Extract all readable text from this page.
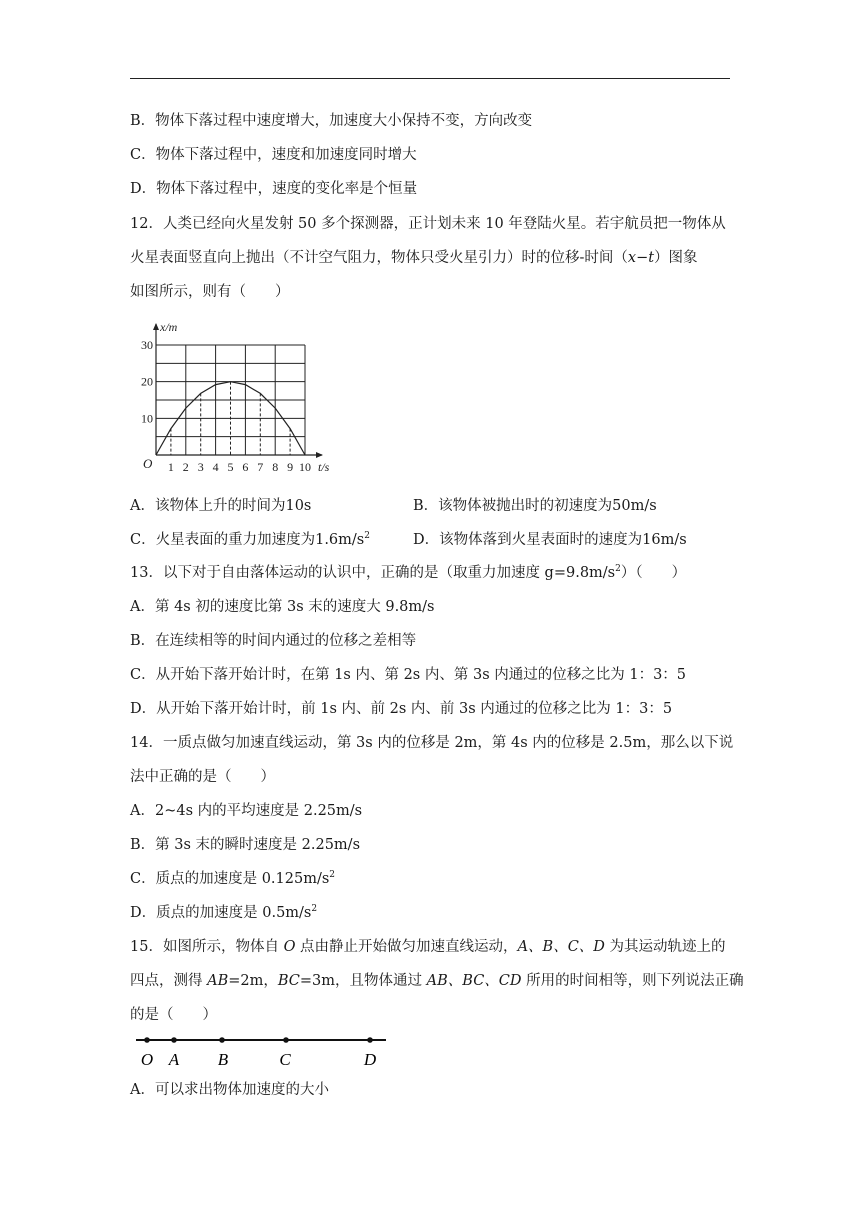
B．物体下落过程中速度增大，加速度大小保持不变，方向改变
C．物体下落过程中，速度和加速度同时增大
D．物体下落过程中，速度的变化率是个恒量
12．人类已经向火星发射 50 多个探测器，正计划未来 10 年登陆火星。若宇航员把一物体从
火星表面竖直向上抛出（不计空气阻力，物体只受火星引力）时的位移-时间（x−t）图象
如图所示，则有（　　）
1 2 3 4 5 6 7 8 9 10
10
20
30
O
x/m
t/s
A．该物体上升的时间为10s	B．该物体被抛出时的初速度为50m/s
C．火星表面的重力加速度为$1.6m/s^2$	D．该物体落到火星表面时的速度为16m/s
13．以下对于自由落体运动的认识中，正确的是（取重力加速度 $g=9.8m/s^2$）（　　）
A．第 4s 初的速度比第 3s 末的速度大 9.8m/s
B．在连续相等的时间内通过的位移之差相等
C．从开始下落开始计时，在第 1s 内、第 2s 内、第 3s 内通过的位移之比为 1：3：5
D．从开始下落开始计时，前 1s 内、前 2s 内、前 3s 内通过的位移之比为 1：3：5
14．一质点做匀加速直线运动，第 3s 内的位移是 2m，第 4s 内的位移是 2.5m，那么以下说
法中正确的是（　　）
A．2~4s 内的平均速度是 2.25m/s
B．第 3s 末的瞬时速度是 2.25m/s
C．质点的加速度是 $0.125m/s^2$
D．质点的加速度是 $0.5m/s^2$
15．如图所示，物体自 O 点由静止开始做匀加速直线运动，A、B、C、D 为其运动轨迹上的
四点，测得 AB=2m，BC=3m，且物体通过 AB、BC、CD 所用的时间相等，则下列说法正确
的是（　　）
O A B	C	D
A．可以求出物体加速度的大小
